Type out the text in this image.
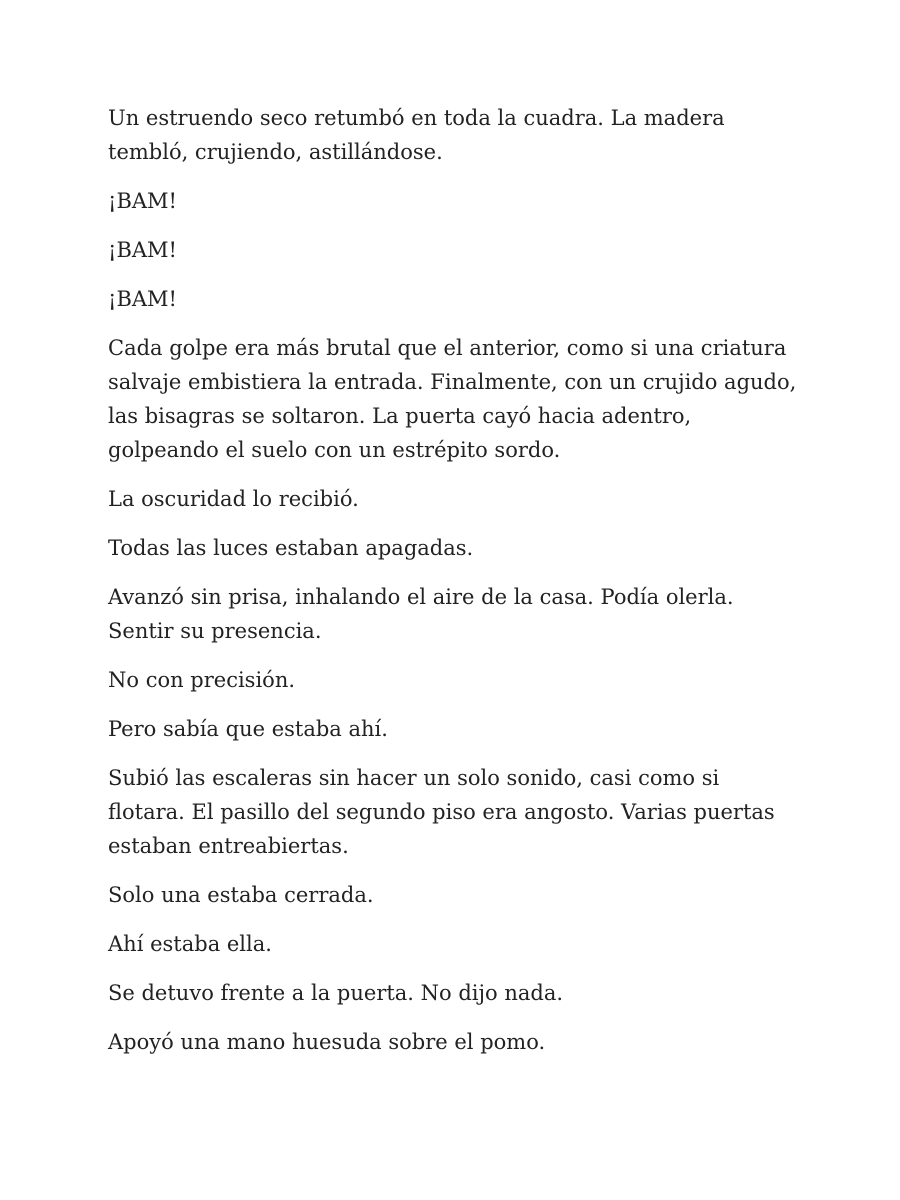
Un estruendo seco retumbó en toda la cuadra. La madera tembló, crujiendo, astillándose.

¡BAM!

¡BAM!

¡BAM!

Cada golpe era más brutal que el anterior, como si una criatura salvaje embistiera la entrada. Finalmente, con un crujido agudo, las bisagras se soltaron. La puerta cayó hacia adentro, golpeando el suelo con un estrépito sordo.

La oscuridad lo recibió.

Todas las luces estaban apagadas.

Avanzó sin prisa, inhalando el aire de la casa. Podía olerla. Sentir su presencia.

No con precisión.

Pero sabía que estaba ahí.

Subió las escaleras sin hacer un solo sonido, casi como si flotara. El pasillo del segundo piso era angosto. Varias puertas estaban entreabiertas.

Solo una estaba cerrada.

Ahí estaba ella.

Se detuvo frente a la puerta. No dijo nada.

Apoyó una mano huesuda sobre el pomo.
